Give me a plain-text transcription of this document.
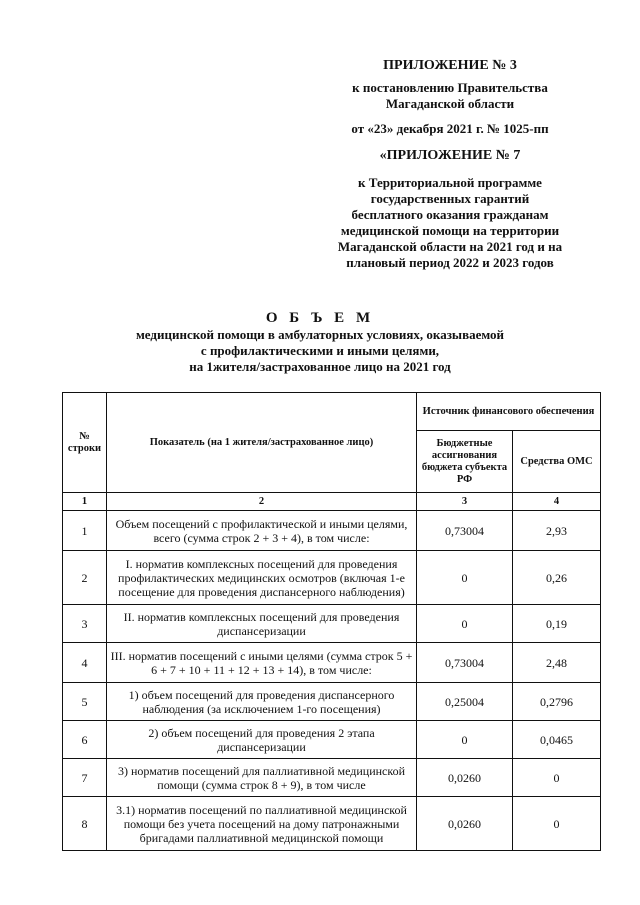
ПРИЛОЖЕНИЕ № 3
к постановлению Правительства
Магаданской области
от «23» декабря 2021 г. № 1025-пп
«ПРИЛОЖЕНИЕ № 7
к Территориальной программе
государственных гарантий
бесплатного оказания гражданам
медицинской помощи на территории
Магаданской области на 2021 год и на
плановый период 2022 и 2023 годов
О Б Ъ Е М
медицинской помощи в амбулаторных условиях, оказываемой
с профилактическими и иными целями,
на 1жителя/застрахованное лицо на 2021 год
№ строки	Показатель (на 1 жителя/застрахованное лицо)	Источник финансового обеспечения	
		Бюджетные ассигнования бюджета субъекта РФ	Средства ОМС
1	2	3	4
1	Объем посещений с профилактической и иными целями, всего (сумма строк 2 + 3 + 4), в том числе:	0,73004	2,93
2	I. норматив комплексных посещений для проведения профилактических медицинских осмотров (включая 1-е посещение для проведения диспансерного наблюдения)	0	0,26
3	II. норматив комплексных посещений для проведения диспансеризации	0	0,19
4	III. норматив посещений с иными целями (сумма строк 5 + 6 + 7 + 10 + 11 + 12 + 13 + 14), в том числе:	0,73004	2,48
5	1) объем посещений для проведения диспансерного наблюдения (за исключением 1-го посещения)	0,25004	0,2796
6	2) объем посещений для проведения 2 этапа диспансеризации	0	0,0465
7	3) норматив посещений для паллиативной медицинской помощи (сумма строк 8 + 9), в том числе	0,0260	0
8	3.1) норматив посещений по паллиативной медицинской помощи без учета посещений на дому патронажными бригадами паллиативной медицинской помощи	0,0260	0
